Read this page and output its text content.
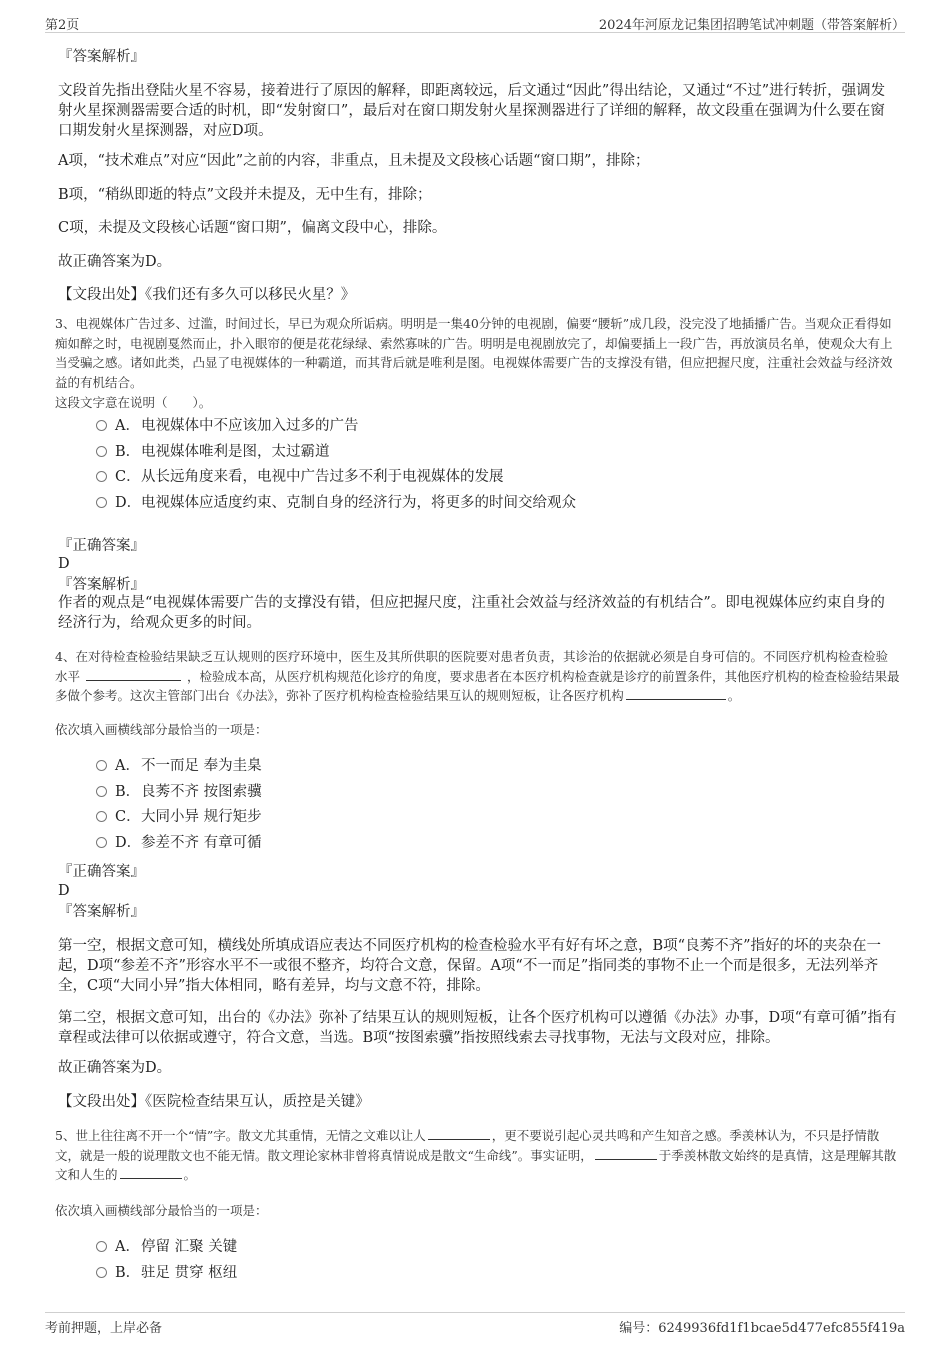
第2页	2024年河原龙记集团招聘笔试冲刺题（带答案解析）

『答案解析』

文段首先指出登陆火星不容易，接着进行了原因的解释，即距离较远，后文通过“因此”得出结论，又通过“不过”进行转折，强调发射火星探测器需要合适的时机，即“发射窗口”，最后对在窗口期发射火星探测器进行了详细的解释，故文段重在强调为什么要在窗口期发射火星探测器，对应D项。

A项，“技术难点”对应“因此”之前的内容，非重点，且未提及文段核心话题“窗口期”，排除；

B项，“稍纵即逝的特点”文段并未提及，无中生有，排除；

C项，未提及文段核心话题“窗口期”，偏离文段中心，排除。

故正确答案为D。

【文段出处】《我们还有多久可以移民火星？》

3、电视媒体广告过多、过滥，时间过长，早已为观众所诟病。明明是一集40分钟的电视剧，偏要“腰斩”成几段，没完没了地插播广告。当观众正看得如痴如醉之时，电视剧戛然而止，扑入眼帘的便是花花绿绿、索然寡味的广告。明明是电视剧放完了，却偏要插上一段广告，再放演员名单，使观众大有上当受骗之感。诸如此类，凸显了电视媒体的一种霸道，而其背后就是唯利是图。电视媒体需要广告的支撑没有错，但应把握尺度，注重社会效益与经济效益的有机结合。

这段文字意在说明（　　）。

A．电视媒体中不应该加入过多的广告
B．电视媒体唯利是图，太过霸道
C．从长远角度来看，电视中广告过多不利于电视媒体的发展
D．电视媒体应适度约束、克制自身的经济行为，将更多的时间交给观众

『正确答案』

D

『答案解析』

作者的观点是“电视媒体需要广告的支撑没有错，但应把握尺度，注重社会效益与经济效益的有机结合”。即电视媒体应约束自身的经济行为，给观众更多的时间。

4、在对待检查检验结果缺乏互认规则的医疗环境中，医生及其所供职的医院要对患者负责，其诊治的依据就必须是自身可信的。不同医疗机构检查检验水平	，检验成本高，从医疗机构规范化诊疗的角度，要求患者在本医疗机构检查就是诊疗的前置条件，其他医疗机构的检查检验结果最多做个参考。这次主管部门出台《办法》，弥补了医疗机构检查检验结果互认的规则短板，让各医疗机构	。

依次填入画横线部分最恰当的一项是：

A．不一而足 奉为圭臬
B．良莠不齐 按图索骥
C．大同小异 规行矩步
D．参差不齐 有章可循

『正确答案』

D

『答案解析』

第一空，根据文意可知，横线处所填成语应表达不同医疗机构的检查检验水平有好有坏之意，B项“良莠不齐”指好的坏的夹杂在一起，D项“参差不齐”形容水平不一或很不整齐，均符合文意，保留。A项“不一而足”指同类的事物不止一个而是很多，无法列举齐全，C项“大同小异”指大体相同，略有差异，均与文意不符，排除。

第二空，根据文意可知，出台的《办法》弥补了结果互认的规则短板，让各个医疗机构可以遵循《办法》办事，D项“有章可循”指有章程或法律可以依据或遵守，符合文意，当选。B项“按图索骥”指按照线索去寻找事物，无法与文段对应，排除。

故正确答案为D。

【文段出处】《医院检查结果互认，质控是关键》

5、世上往往离不开一个“情”字。散文尤其重情，无情之文难以让人	，更不要说引起心灵共鸣和产生知音之感。季羡林认为，不只是抒情散文，就是一般的说理散文也不能无情。散文理论家林非曾将真情说成是散文“生命线”。事实证明，	于季羡林散文始终的是真情，这是理解其散文和人生的	。

依次填入画横线部分最恰当的一项是：

A．停留 汇聚 关键
B．驻足 贯穿 枢纽
考前押题，上岸必备	编号：6249936fd1f1bcae5d477efc855f419a
